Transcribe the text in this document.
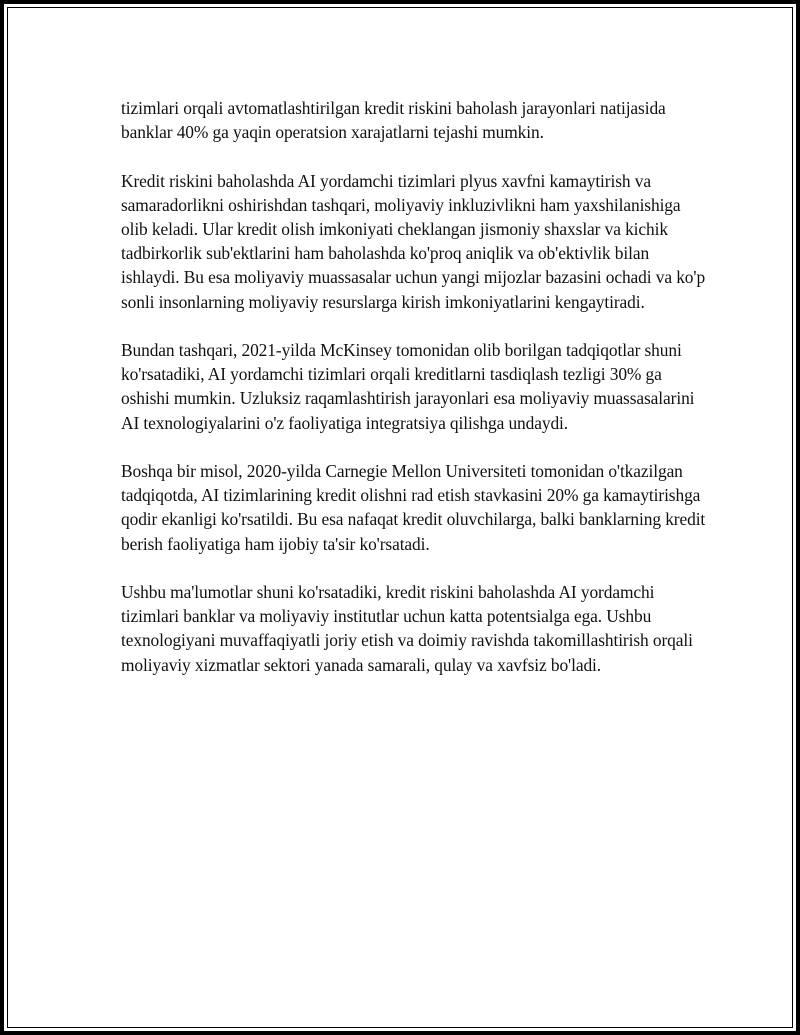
tizimlari orqali avtomatlashtirilgan kredit riskini baholash jarayonlari natijasida banklar 40% ga yaqin operatsion xarajatlarni tejashi mumkin.

Kredit riskini baholashda AI yordamchi tizimlari plyus xavfni kamaytirish va samaradorlikni oshirishdan tashqari, moliyaviy inkluzivlikni ham yaxshilanishiga olib keladi. Ular kredit olish imkoniyati cheklangan jismoniy shaxslar va kichik tadbirkorlik sub'ektlarini ham baholashda ko'proq aniqlik va ob'ektivlik bilan ishlaydi. Bu esa moliyaviy muassasalar uchun yangi mijozlar bazasini ochadi va ko'p sonli insonlarning moliyaviy resurslarga kirish imkoniyatlarini kengaytiradi.

Bundan tashqari, 2021-yilda McKinsey tomonidan olib borilgan tadqiqotlar shuni ko'rsatadiki, AI yordamchi tizimlari orqali kreditlarni tasdiqlash tezligi 30% ga oshishi mumkin. Uzluksiz raqamlashtirish jarayonlari esa moliyaviy muassasalarini AI texnologiyalarini o'z faoliyatiga integratsiya qilishga undaydi.

Boshqa bir misol, 2020-yilda Carnegie Mellon Universiteti tomonidan o'tkazilgan tadqiqotda, AI tizimlarining kredit olishni rad etish stavkasini 20% ga kamaytirishga qodir ekanligi ko'rsatildi. Bu esa nafaqat kredit oluvchilarga, balki banklarning kredit berish faoliyatiga ham ijobiy ta'sir ko'rsatadi.

Ushbu ma'lumotlar shuni ko'rsatadiki, kredit riskini baholashda AI yordamchi tizimlari banklar va moliyaviy institutlar uchun katta potentsialga ega. Ushbu texnologiyani muvaffaqiyatli joriy etish va doimiy ravishda takomillashtirish orqali moliyaviy xizmatlar sektori yanada samarali, qulay va xavfsiz bo'ladi.
